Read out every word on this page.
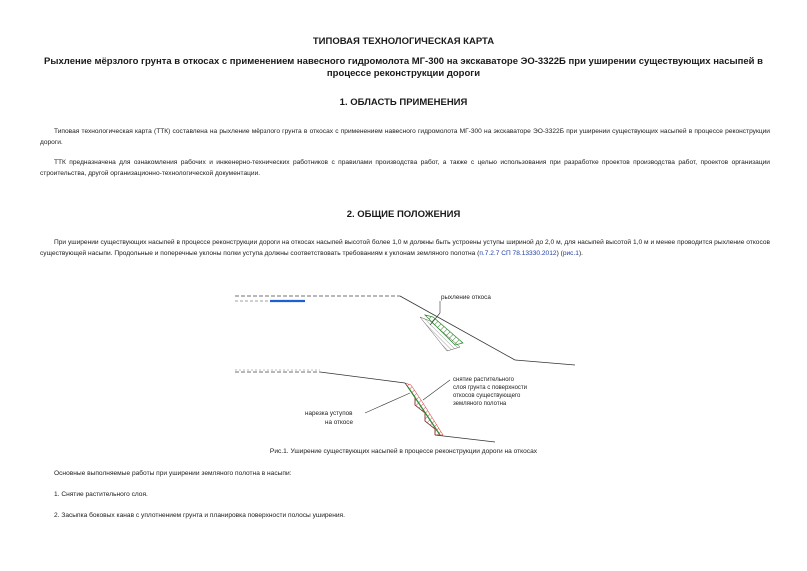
ТИПОВАЯ ТЕХНОЛОГИЧЕСКАЯ КАРТА
Рыхление мёрзлого грунта в откосах с применением навесного гидромолота МГ-300 на экскаваторе ЭО-3322Б при уширении существующих насыпей в процессе реконструкции дороги
1. ОБЛАСТЬ ПРИМЕНЕНИЯ
Типовая технологическая карта (ТТК) составлена на рыхление мёрзлого грунта в откосах с применением навесного гидромолота МГ-300 на экскаваторе ЭО-3322Б при уширении существующих насыпей в процессе реконструкции дороги.
ТТК предназначена для ознакомления рабочих и инженерно-технических работников с правилами производства работ, а также с целью использования при разработке проектов производства работ, проектов организации строительства, другой организационно-технологической документации.
2. ОБЩИЕ ПОЛОЖЕНИЯ
При уширении существующих насыпей в процессе реконструкции дороги на откосах насыпей высотой более 1,0 м должны быть устроены уступы шириной до 2,0 м, для насыпей высотой 1,0 м и менее проводится рыхление откосов существующей насыпи. Продольные и поперечные уклоны полки уступа должны соответствовать требованиям к уклонам земляного полотна (п.7.2.7 СП 78.13330.2012) (рис.1).
рыхление откоса
снятие растительного
слоя грунта с поверхности
откосов существующего
земляного полотна
нарезка уступов
на откосе
Рис.1. Уширение существующих насыпей в процессе реконструкции дороги на откосах
Основные выполняемые работы при уширении земляного полотна в насыпи:
1. Снятие растительного слоя.
2. Засыпка боковых канав с уплотнением грунта и планировка поверхности полосы уширения.
